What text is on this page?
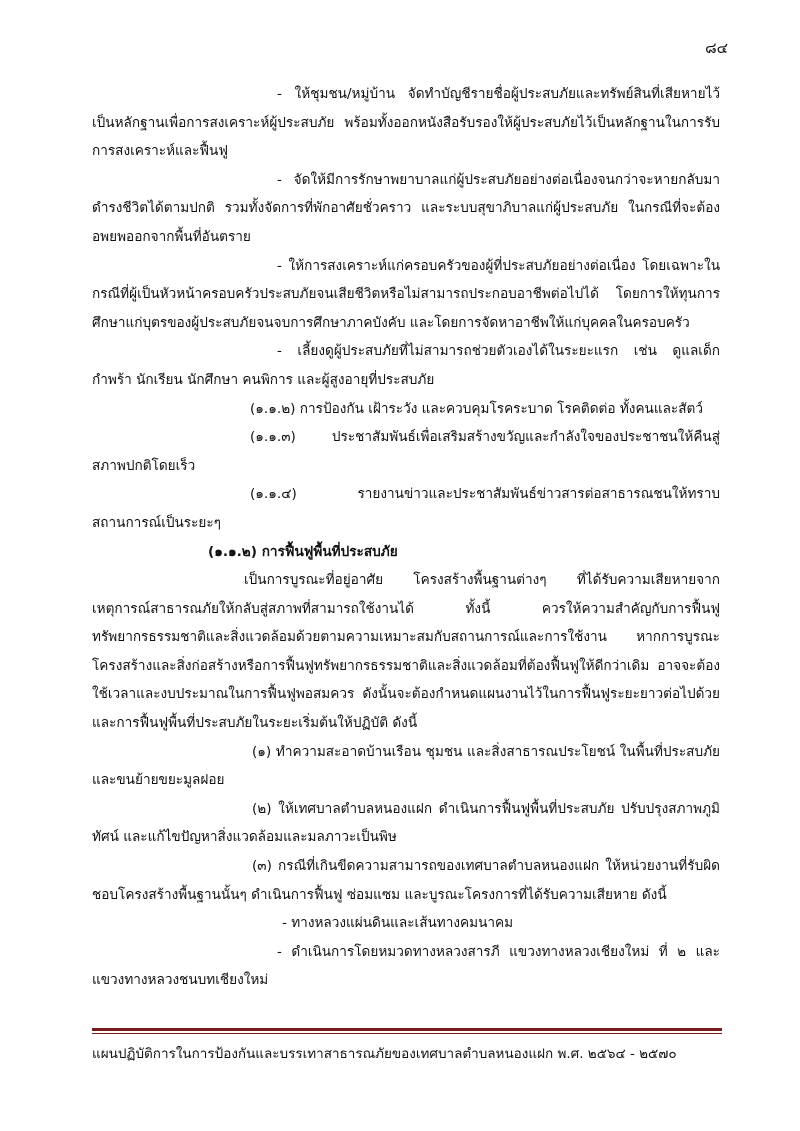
๘๔
- ให้ชุมชน/หมู่บ้าน จัดทำบัญชีรายชื่อผู้ประสบภัยและทรัพย์สินที่เสียหายไว้เป็นหลักฐานเพื่อการสงเคราะห์ผู้ประสบภัย พร้อมทั้งออกหนังสือรับรองให้ผู้ประสบภัยไว้เป็นหลักฐานในการรับการสงเคราะห์และฟื้นฟู
- จัดให้มีการรักษาพยาบาลแก่ผู้ประสบภัยอย่างต่อเนื่องจนกว่าจะหายกลับมาดำรงชีวิตได้ตามปกติ รวมทั้งจัดการที่พักอาศัยชั่วคราว และระบบสุขาภิบาลแก่ผู้ประสบภัย ในกรณีที่จะต้องอพยพออกจากพื้นที่อันตราย
- ให้การสงเคราะห์แก่ครอบครัวของผู้ที่ประสบภัยอย่างต่อเนื่อง โดยเฉพาะในกรณีที่ผู้เป็นหัวหน้าครอบครัวประสบภัยจนเสียชีวิตหรือไม่สามารถประกอบอาชีพต่อไปได้ โดยการให้ทุนการศึกษาแก่บุตรของผู้ประสบภัยจนจบการศึกษาภาคบังคับ และโดยการจัดหาอาชีพให้แก่บุคคลในครอบครัว
- เลี้ยงดูผู้ประสบภัยที่ไม่สามารถช่วยตัวเองได้ในระยะแรก เช่น ดูแลเด็กกำพร้า นักเรียน นักศึกษา คนพิการ และผู้สูงอายุที่ประสบภัย
(๑.๑.๒) การป้องกัน เฝ้าระวัง และควบคุมโรคระบาด โรคติดต่อ ทั้งคนและสัตว์
(๑.๑.๓) ประชาสัมพันธ์เพื่อเสริมสร้างขวัญและกำลังใจของประชาชนให้คืนสู่สภาพปกติโดยเร็ว
(๑.๑.๔) รายงานข่าวและประชาสัมพันธ์ข่าวสารต่อสาธารณชนให้ทราบสถานการณ์เป็นระยะๆ
(๑.๑.๒) การฟื้นฟูพื้นที่ประสบภัย
เป็นการบูรณะที่อยู่อาศัย โครงสร้างพื้นฐานต่างๆ ที่ได้รับความเสียหายจากเหตุการณ์สาธารณภัยให้กลับสู่สภาพที่สามารถใช้งานได้ ทั้งนี้ ควรให้ความสำคัญกับการฟื้นฟูทรัพยากรธรรมชาติและสิ่งแวดล้อมด้วยตามความเหมาะสมกับสถานการณ์และการใช้งาน หากการบูรณะโครงสร้างและสิ่งก่อสร้างหรือการฟื้นฟูทรัพยากรธรรมชาติและสิ่งแวดล้อมที่ต้องฟื้นฟูให้ดีกว่าเดิม อาจจะต้องใช้เวลาและงบประมาณในการฟื้นฟูพอสมควร ดังนั้นจะต้องกำหนดแผนงานไว้ในการฟื้นฟูระยะยาวต่อไปด้วยและการฟื้นฟูพื้นที่ประสบภัยในระยะเริ่มต้นให้ปฏิบัติ ดังนี้
(๑) ทำความสะอาดบ้านเรือน ชุมชน และสิ่งสาธารณประโยชน์ ในพื้นที่ประสบภัยและขนย้ายขยะมูลฝอย
(๒) ให้เทศบาลตำบลหนองแฝก ดำเนินการฟื้นฟูพื้นที่ประสบภัย ปรับปรุงสภาพภูมิทัศน์ และแก้ไขปัญหาสิ่งแวดล้อมและมลภาวะเป็นพิษ
(๓) กรณีที่เกินขีดความสามารถของเทศบาลตำบลหนองแฝก ให้หน่วยงานที่รับผิดชอบโครงสร้างพื้นฐานนั้นๆ ดำเนินการฟื้นฟู ซ่อมแซม และบูรณะโครงการที่ได้รับความเสียหาย ดังนี้
- ทางหลวงแผ่นดินและเส้นทางคมนาคม
- ดำเนินการโดยหมวดทางหลวงสารภี แขวงทางหลวงเชียงใหม่ ที่ ๒ และแขวงทางหลวงชนบทเชียงใหม่
แผนปฏิบัติการในการป้องกันและบรรเทาสาธารณภัยของเทศบาลตำบลหนองแฝก พ.ศ. ๒๕๖๔ - ๒๕๗๐
